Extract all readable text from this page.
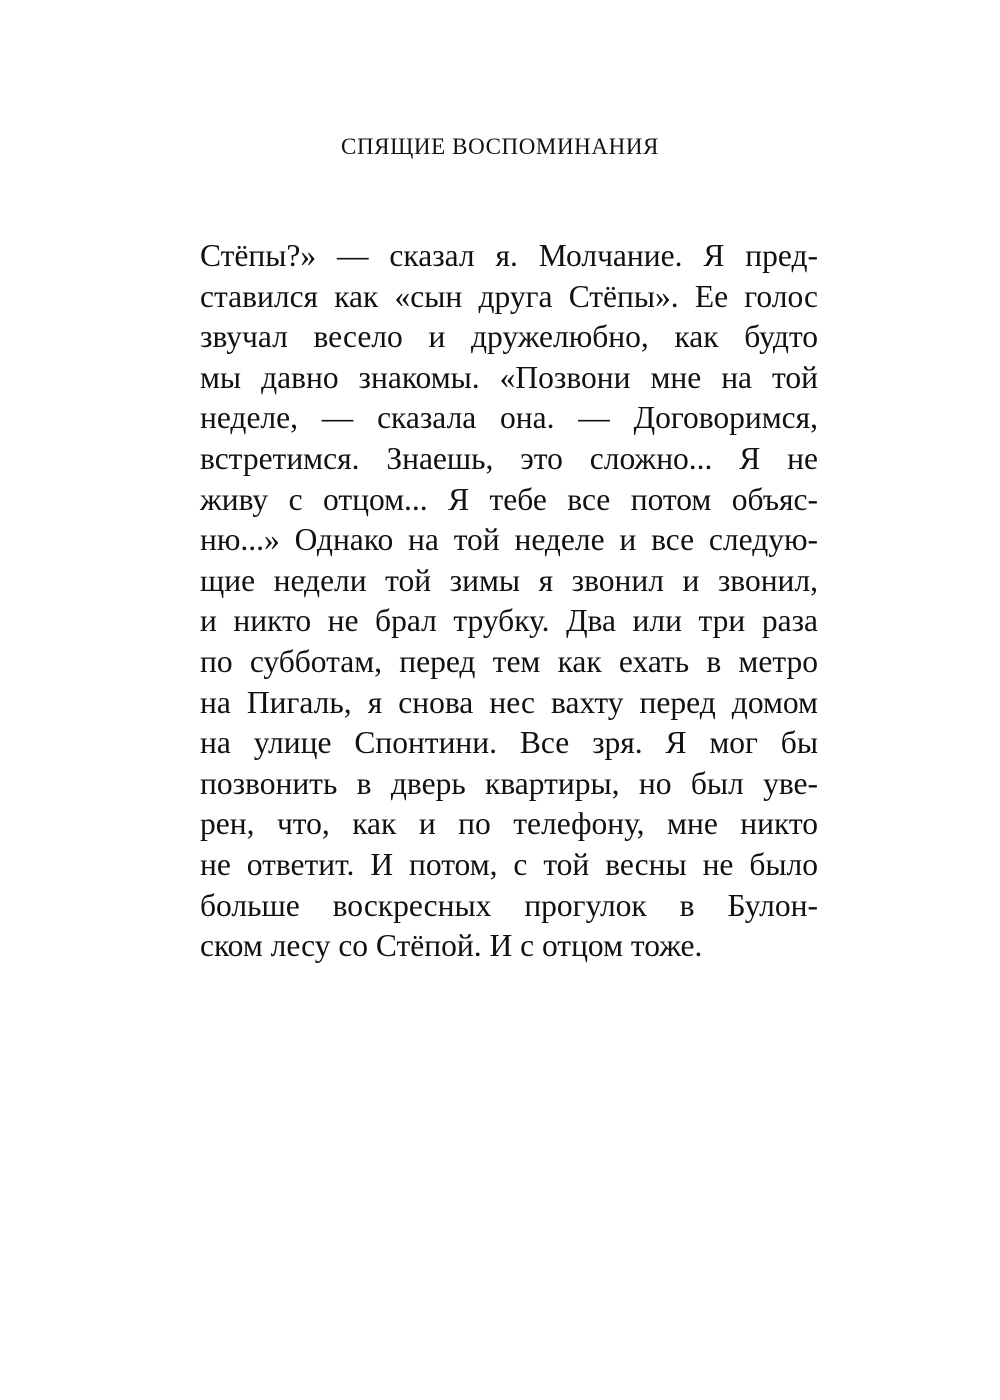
СПЯЩИЕ ВОСПОМИНАНИЯ
Стёпы?» — сказал я. Молчание. Я пред-
ставился как «сын друга Стёпы». Ее голос
звучал весело и дружелюбно, как будто
мы давно знакомы. «Позвони мне на той
неделе, — сказала она. — Договоримся,
встретимся. Знаешь, это сложно... Я не
живу с отцом... Я тебе все потом объяс-
ню...» Однако на той неделе и все следую-
щие недели той зимы я звонил и звонил,
и никто не брал трубку. Два или три раза
по субботам, перед тем как ехать в метро
на Пигаль, я снова нес вахту перед домом
на улице Спонтини. Все зря. Я мог бы
позвонить в дверь квартиры, но был уве-
рен, что, как и по телефону, мне никто
не ответит. И потом, с той весны не было
больше воскресных прогулок в Булон-
ском лесу со Стёпой. И с отцом тоже.
